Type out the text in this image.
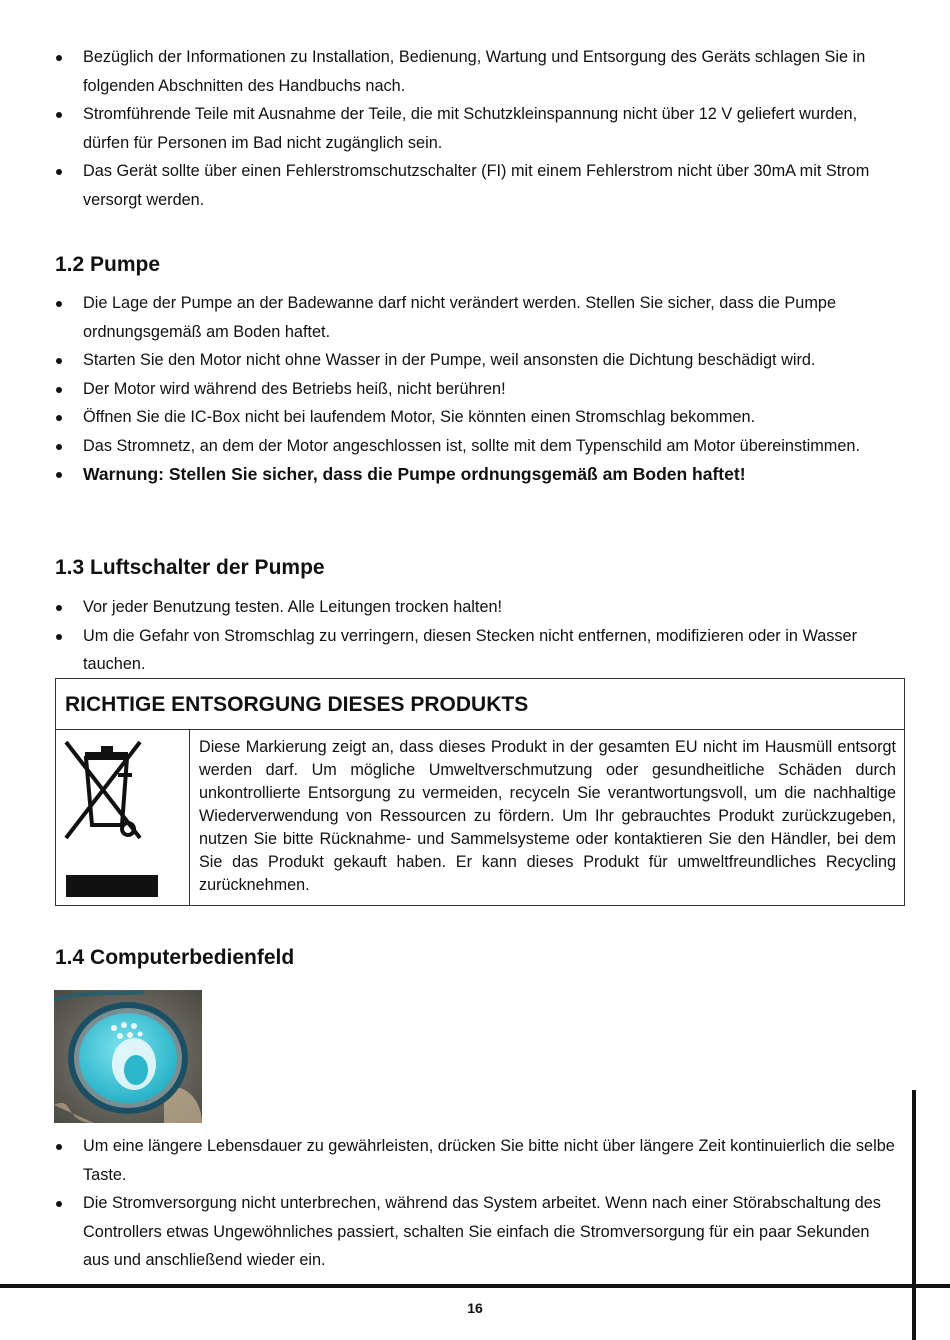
Bezüglich der Informationen zu Installation, Bedienung, Wartung und Entsorgung des Geräts schlagen Sie in folgenden Abschnitten des Handbuchs nach.
Stromführende Teile mit Ausnahme der Teile, die mit Schutzkleinspannung nicht über 12 V geliefert wurden, dürfen für Personen im Bad nicht zugänglich sein.
Das Gerät sollte über einen Fehlerstromschutzschalter (FI) mit einem Fehlerstrom nicht über 30mA mit Strom versorgt werden.
1.2 Pumpe
Die Lage der Pumpe an der Badewanne darf nicht verändert werden. Stellen Sie sicher, dass die Pumpe ordnungsgemäß am Boden haftet.
Starten Sie den Motor nicht ohne Wasser in der Pumpe, weil ansonsten die Dichtung beschädigt wird.
Der Motor wird während des Betriebs heiß, nicht berühren!
Öffnen Sie die IC-Box nicht bei laufendem Motor, Sie könnten einen Stromschlag bekommen.
Das Stromnetz, an dem der Motor angeschlossen ist, sollte mit dem Typenschild am Motor übereinstimmen.
Warnung: Stellen Sie sicher, dass die Pumpe ordnungsgemäß am Boden haftet!
1.3 Luftschalter der Pumpe
Vor jeder Benutzung testen. Alle Leitungen trocken halten!
Um die Gefahr von Stromschlag zu verringern, diesen Stecken nicht entfernen, modifizieren oder in Wasser tauchen.
RICHTIGE ENTSORGUNG DIESES PRODUKTS
Diese Markierung zeigt an, dass dieses Produkt in der gesamten EU nicht im Hausmüll entsorgt werden darf. Um mögliche Umweltverschmutzung oder gesundheitliche Schäden durch unkontrollierte Entsorgung zu vermeiden, recyceln Sie verantwortungsvoll, um die nachhaltige Wiederverwendung von Ressourcen zu fördern. Um Ihr gebrauchtes Produkt zurückzugeben, nutzen Sie bitte Rücknahme- und Sammelsysteme oder kontaktieren Sie den Händler, bei dem Sie das Produkt gekauft haben. Er kann dieses Produkt für umweltfreundliches Recycling zurücknehmen.
1.4 Computerbedienfeld
Um eine längere Lebensdauer zu gewährleisten, drücken Sie bitte nicht über längere Zeit kontinuierlich die selbe Taste.
Die Stromversorgung nicht unterbrechen, während das System arbeitet. Wenn nach einer Störabschaltung des Controllers etwas Ungewöhnliches passiert, schalten Sie einfach die Stromversorgung für ein paar Sekunden aus und anschließend wieder ein.
16
